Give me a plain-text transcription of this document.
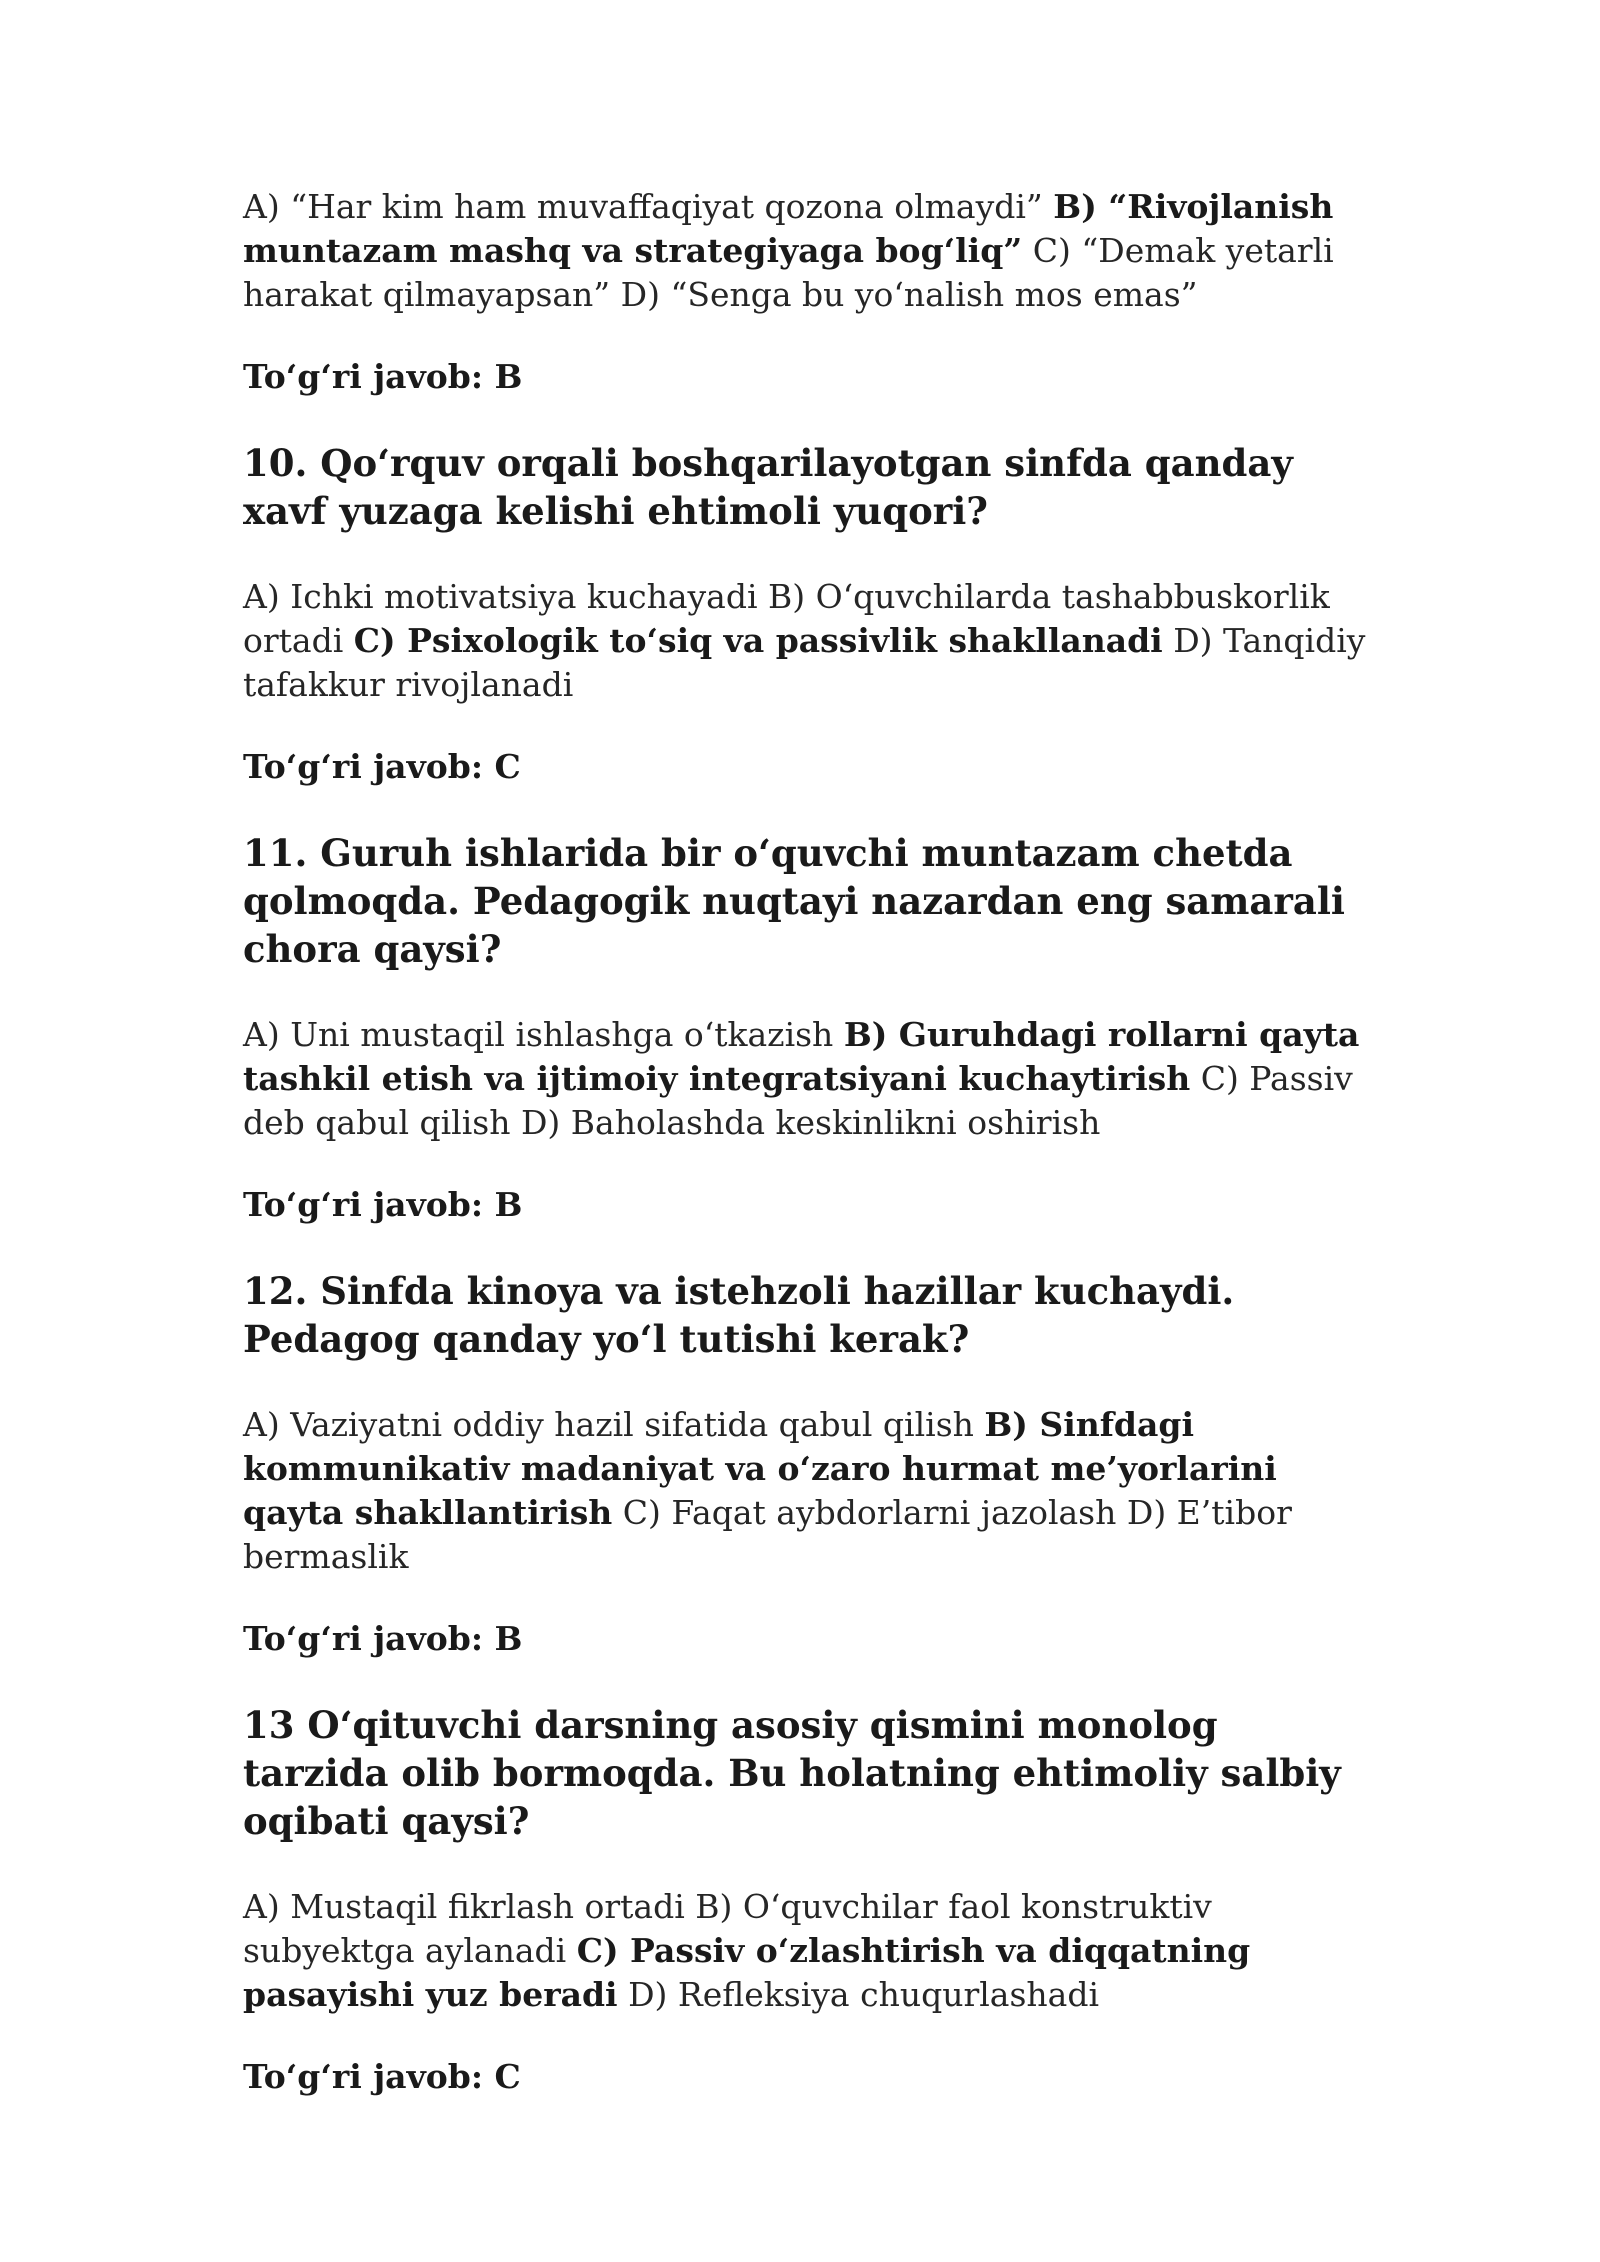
A) “Har kim ham muvaffaqiyat qozona olmaydi” B) “Rivojlanish muntazam mashq va strategiyaga bog‘liq” C) “Demak yetarli harakat qilmayapsan” D) “Senga bu yo‘nalish mos emas”

To‘g‘ri javob: B

10. Qo‘rquv orqali boshqarilayotgan sinfda qanday xavf yuzaga kelishi ehtimoli yuqori?

A) Ichki motivatsiya kuchayadi B) O‘quvchilarda tashabbuskorlik ortadi C) Psixologik to‘siq va passivlik shakllanadi D) Tanqidiy tafakkur rivojlanadi

To‘g‘ri javob: C

11. Guruh ishlarida bir o‘quvchi muntazam chetda qolmoqda. Pedagogik nuqtayi nazardan eng samarali chora qaysi?

A) Uni mustaqil ishlashga o‘tkazish B) Guruhdagi rollarni qayta tashkil etish va ijtimoiy integratsiyani kuchaytirish C) Passiv deb qabul qilish D) Baholashda keskinlikni oshirish

To‘g‘ri javob: B

12. Sinfda kinoya va istehzoli hazillar kuchaydi. Pedagog qanday yo‘l tutishi kerak?

A) Vaziyatni oddiy hazil sifatida qabul qilish B) Sinfdagi kommunikativ madaniyat va o‘zaro hurmat me’yorlarini qayta shakllantirish C) Faqat aybdorlarni jazolash D) E’tibor bermaslik

To‘g‘ri javob: B

13 O‘qituvchi darsning asosiy qismini monolog tarzida olib bormoqda. Bu holatning ehtimoliy salbiy oqibati qaysi?

A) Mustaqil fikrlash ortadi B) O‘quvchilar faol konstruktiv subyektga aylanadi C) Passiv o‘zlashtirish va diqqatning pasayishi yuz beradi D) Refleksiya chuqurlashadi

To‘g‘ri javob: C
